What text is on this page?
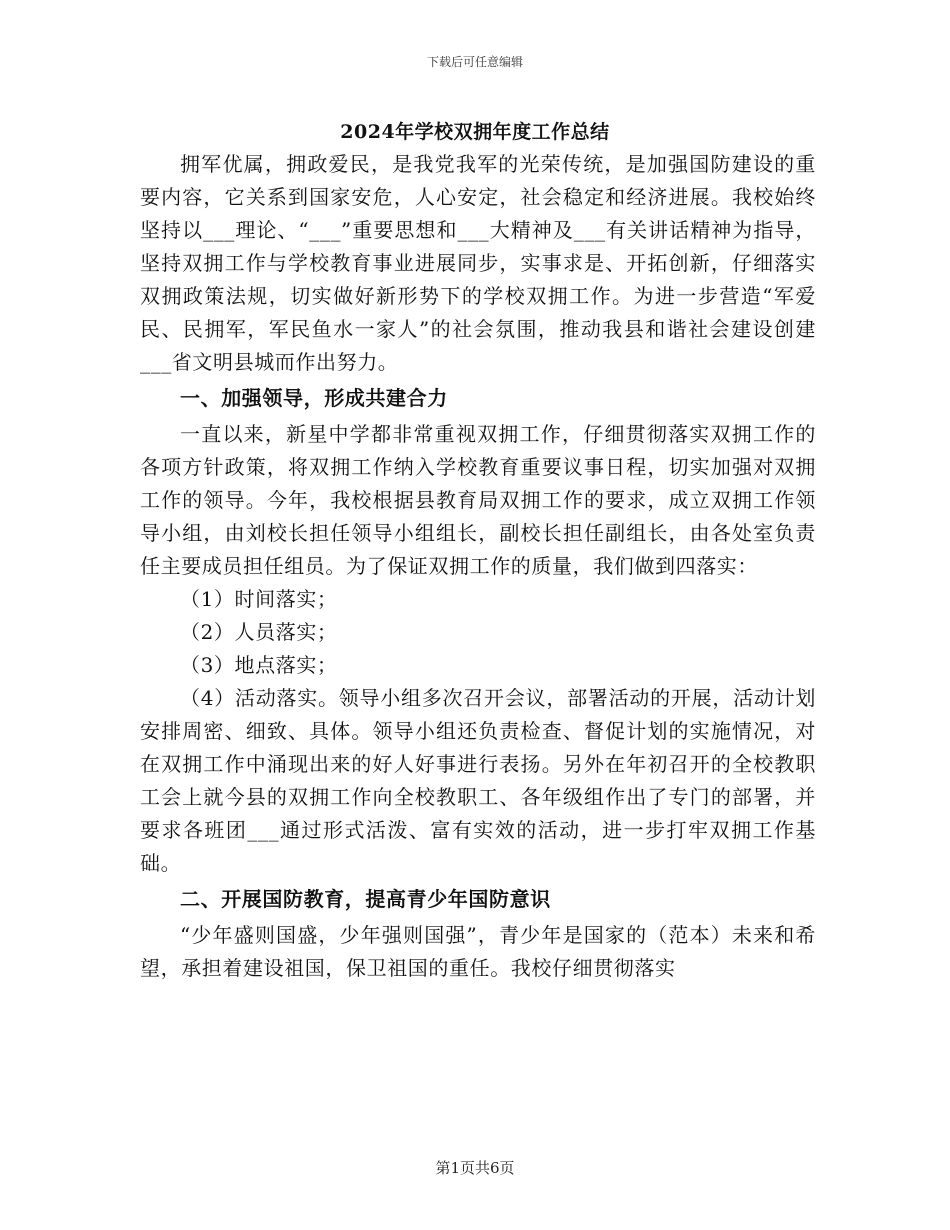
下载后可任意编辑
2024年学校双拥年度工作总结

拥军优属，拥政爱民，是我党我军的光荣传统，是加强国防建设的重要内容，它关系到国家安危，人心安定，社会稳定和经济进展。我校始终坚持以___理论、“___”重要思想和___大精神及___有关讲话精神为指导，坚持双拥工作与学校教育事业进展同步，实事求是、开拓创新，仔细落实双拥政策法规，切实做好新形势下的学校双拥工作。为进一步营造“军爱民、民拥军，军民鱼水一家人”的社会氛围，推动我县和谐社会建设创建___省文明县城而作出努力。

一、加强领导，形成共建合力

一直以来，新星中学都非常重视双拥工作，仔细贯彻落实双拥工作的各项方针政策，将双拥工作纳入学校教育重要议事日程，切实加强对双拥工作的领导。今年，我校根据县教育局双拥工作的要求，成立双拥工作领导小组，由刘校长担任领导小组组长，副校长担任副组长，由各处室负责任主要成员担任组员。为了保证双拥工作的质量，我们做到四落实：

（1）时间落实；

（2）人员落实；

（3）地点落实；

（4）活动落实。领导小组多次召开会议，部署活动的开展，活动计划安排周密、细致、具体。领导小组还负责检查、督促计划的实施情况，对在双拥工作中涌现出来的好人好事进行表扬。另外在年初召开的全校教职工会上就今县的双拥工作向全校教职工、各年级组作出了专门的部署，并要求各班团___通过形式活泼、富有实效的活动，进一步打牢双拥工作基础。

二、开展国防教育，提高青少年国防意识

“少年盛则国盛，少年强则国强”，青少年是国家的（范本）未来和希望，承担着建设祖国，保卫祖国的重任。我校仔细贯彻落实

第1页共6页
